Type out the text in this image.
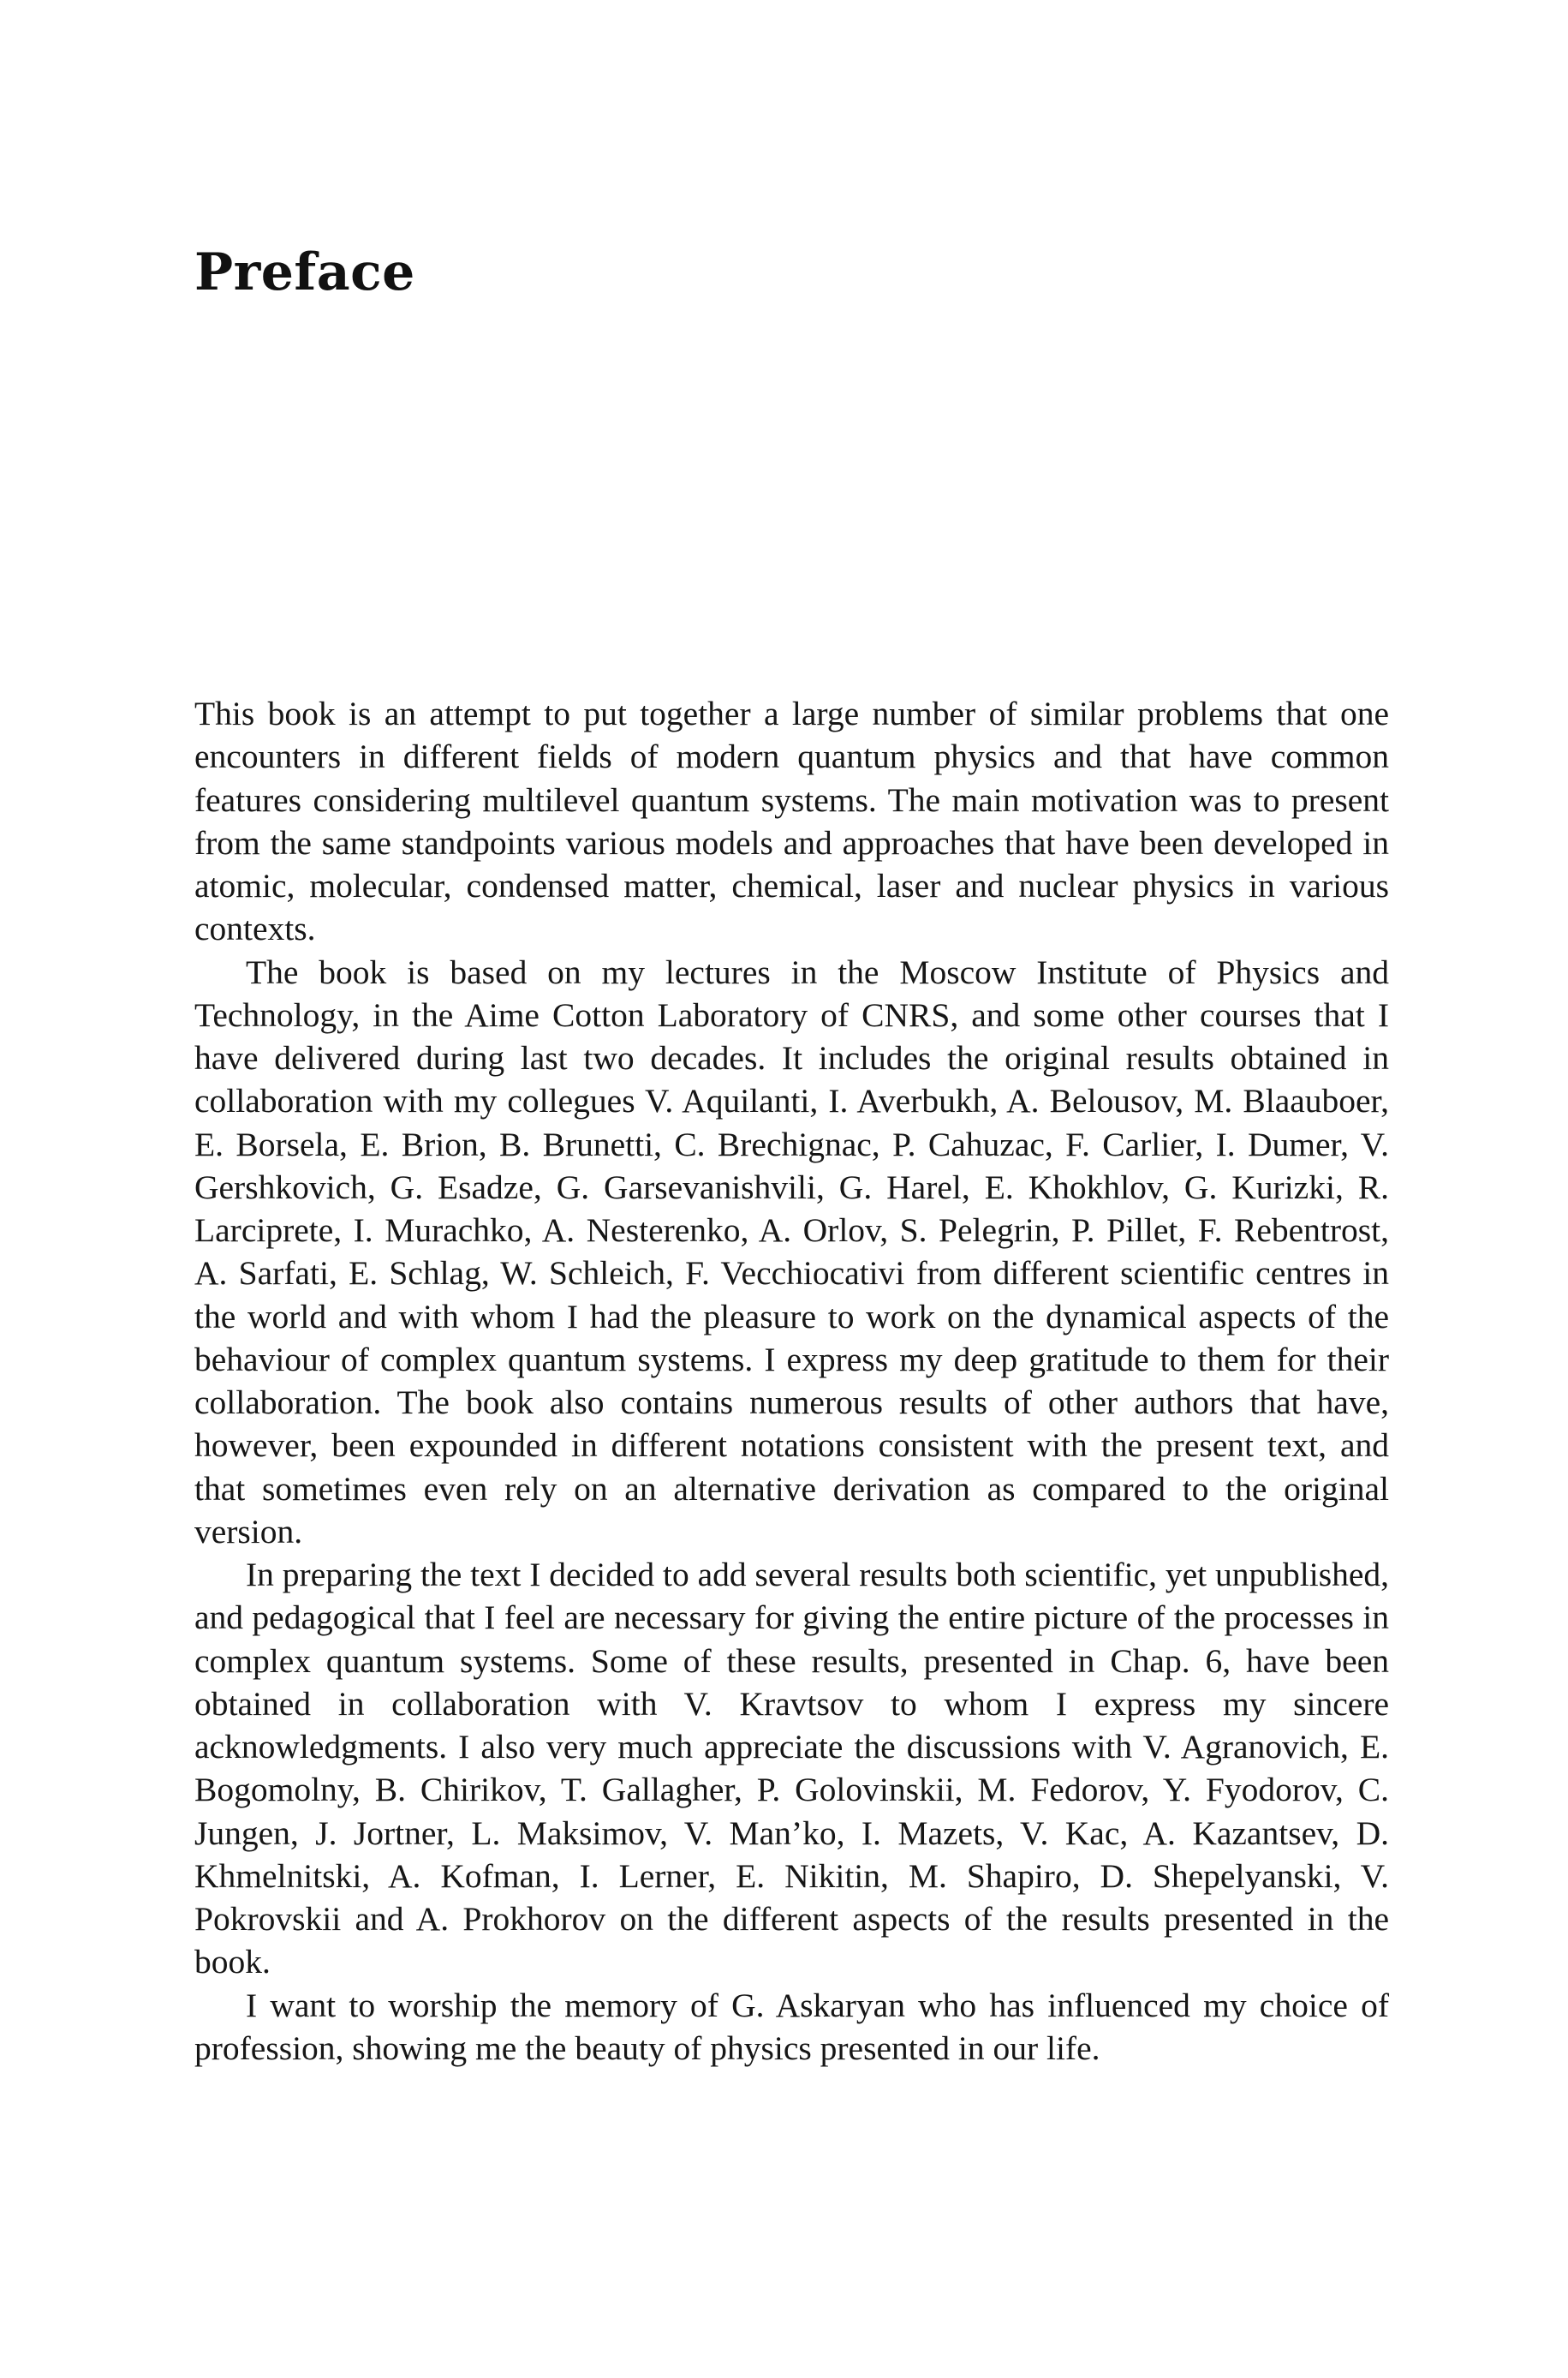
Preface

This book is an attempt to put together a large number of similar problems that one encounters in different fields of modern quantum physics and that have common features considering multilevel quantum systems. The main motivation was to present from the same standpoints various models and approaches that have been developed in atomic, molecular, condensed matter, chemical, laser and nuclear physics in various contexts.

The book is based on my lectures in the Moscow Institute of Physics and Technology, in the Aime Cotton Laboratory of CNRS, and some other courses that I have delivered during last two decades. It includes the original results obtained in collaboration with my collegues V. Aquilanti, I. Averbukh, A. Belousov, M. Blaauboer, E. Borsela, E. Brion, B. Brunetti, C. Brechignac, P. Cahuzac, F. Carlier, I. Dumer, V. Gershkovich, G. Esadze, G. Garsevanishvili, G. Harel, E. Khokhlov, G. Kurizki, R. Larciprete, I. Murachko, A. Nesterenko, A. Orlov, S. Pelegrin, P. Pillet, F. Rebentrost, A. Sarfati, E. Schlag, W. Schleich, F. Vecchiocativi from different scientific centres in the world and with whom I had the pleasure to work on the dynamical aspects of the behaviour of complex quantum systems. I express my deep gratitude to them for their collaboration. The book also contains numerous results of other authors that have, however, been expounded in different notations consistent with the present text, and that sometimes even rely on an alternative derivation as compared to the original version.

In preparing the text I decided to add several results both scientific, yet unpublished, and pedagogical that I feel are necessary for giving the entire picture of the processes in complex quantum systems. Some of these results, presented in Chap. 6, have been obtained in collaboration with V. Kravtsov to whom I express my sincere acknowledgments. I also very much appreciate the discussions with V. Agranovich, E. Bogomolny, B. Chirikov, T. Gallagher, P. Golovinskii, M. Fedorov, Y. Fyodorov, C. Jungen, J. Jortner, L. Maksimov, V. Man’ko, I. Mazets, V. Kac, A. Kazantsev, D. Khmelnitski, A. Kofman, I. Lerner, E. Nikitin, M. Shapiro, D. Shepelyanski, V. Pokrovskii and A. Prokhorov on the different aspects of the results presented in the book.

I want to worship the memory of G. Askaryan who has influenced my choice of profession, showing me the beauty of physics presented in our life.
